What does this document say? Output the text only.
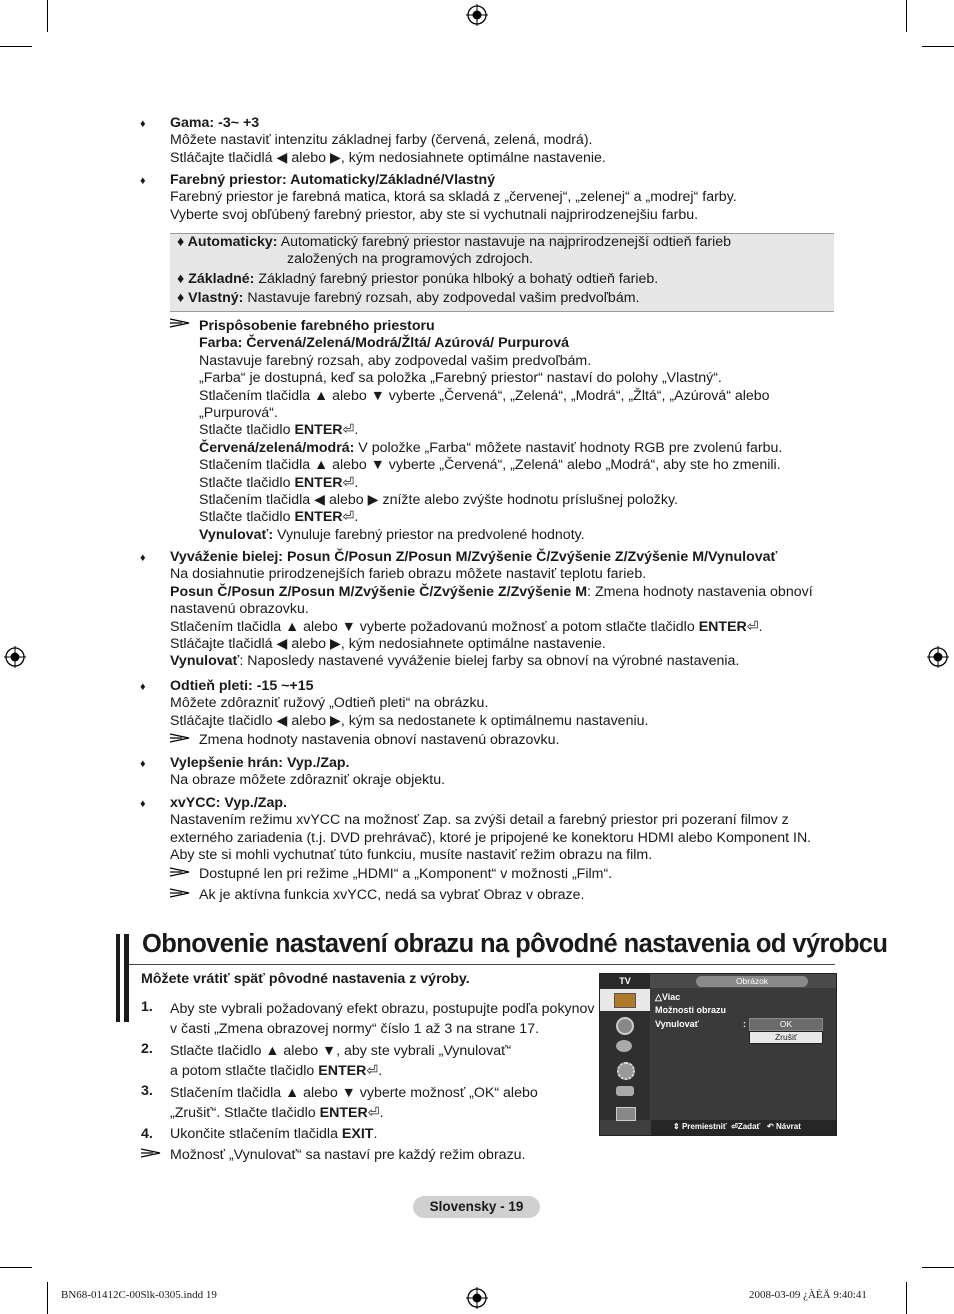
♦ Gama: -3~ +3
Môžete nastaviť intenzitu základnej farby (červená, zelená, modrá).
Stláčajte tlačidlá ◀ alebo ▶, kým nedosiahnete optimálne nastavenie.
♦ Farebný priestor: Automaticky/Základné/Vlastný
Farebný priestor je farebná matica, ktorá sa skladá z „červenej“, „zelenej“ a „modrej“ farby.
Vyberte svoj obľúbený farebný priestor, aby ste si vychutnali najprirodzenejšiu farbu.
♦ Automaticky: Automatický farebný priestor nastavuje na najprirodzenejší odtieň farieb
založených na programových zdrojoch.
♦ Základné: Základný farebný priestor ponúka hlboký a bohatý odtieň farieb.
♦ Vlastný: Nastavuje farebný rozsah, aby zodpovedal vašim predvoľbám.
Prispôsobenie farebného priestoru
Farba: Červená/Zelená/Modrá/Žltá/ Azúrová/ Purpurová
Nastavuje farebný rozsah, aby zodpovedal vašim predvoľbám.
„Farba“ je dostupná, keď sa položka „Farebný priestor“ nastaví do polohy „Vlastný“.
Stlačením tlačidla ▲ alebo ▼ vyberte „Červená“, „Zelená“, „Modrá“, „Žltá“, „Azúrová“ alebo
„Purpurová“.
Stlačte tlačidlo ENTER⏎.
Červená/zelená/modrá: V položke „Farba“ môžete nastaviť hodnoty RGB pre zvolenú farbu.
Stlačením tlačidla ▲ alebo ▼ vyberte „Červená“, „Zelená“ alebo „Modrá“, aby ste ho zmenili.
Stlačte tlačidlo ENTER⏎.
Stlačením tlačidla ◀ alebo ▶ znížte alebo zvýšte hodnotu príslušnej položky.
Stlačte tlačidlo ENTER⏎.
Vynulovať: Vynuluje farebný priestor na predvolené hodnoty.
♦ Vyváženie bielej: Posun Č/Posun Z/Posun M/Zvýšenie Č/Zvýšenie Z/Zvýšenie M/Vynulovať
Na dosiahnutie prirodzenejších farieb obrazu môžete nastaviť teplotu farieb.
Posun Č/Posun Z/Posun M/Zvýšenie Č/Zvýšenie Z/Zvýšenie M: Zmena hodnoty nastavenia obnoví
nastavenú obrazovku.
Stlačením tlačidla ▲ alebo ▼ vyberte požadovanú možnosť a potom stlačte tlačidlo ENTER⏎.
Stláčajte tlačidlá ◀ alebo ▶, kým nedosiahnete optimálne nastavenie.
Vynulovať: Naposledy nastavené vyváženie bielej farby sa obnoví na výrobné nastavenia.
♦ Odtieň pleti: -15 ~+15
Môžete zdôrazniť ružový „Odtieň pleti“ na obrázku.
Stláčajte tlačidlo ◀ alebo ▶, kým sa nedostanete k optimálnemu nastaveniu.
Zmena hodnoty nastavenia obnoví nastavenú obrazovku.
♦ Vylepšenie hrán: Vyp./Zap.
Na obraze môžete zdôrazniť okraje objektu.
♦ xvYCC: Vyp./Zap.
Nastavením režimu xvYCC na možnosť Zap. sa zvýši detail a farebný priestor pri pozeraní filmov z
externého zariadenia (t.j. DVD prehrávač), ktoré je pripojené ke konektoru HDMI alebo Komponent IN.
Aby ste si mohli vychutnať túto funkciu, musíte nastaviť režim obrazu na film.
Dostupné len pri režime „HDMI“ a „Komponent“ v možnosti „Film“.
Ak je aktívna funkcia xvYCC, nedá sa vybrať Obraz v obraze.
Obnovenie nastavení obrazu na pôvodné nastavenia od výrobcu
Môžete vrátiť späť pôvodné nastavenia z výroby.
1. Aby ste vybrali požadovaný efekt obrazu, postupujte podľa pokynov
v časti „Zmena obrazovej normy“ číslo 1 až 3 na strane 17.
2. Stlačte tlačidlo ▲ alebo ▼, aby ste vybrali „Vynulovať“
a potom stlačte tlačidlo ENTER⏎.
3. Stlačením tlačidla ▲ alebo ▼ vyberte možnosť „OK“ alebo
„Zrušiť“. Stlačte tlačidlo ENTER⏎.
4. Ukončite stlačením tlačidla EXIT.
Možnosť „Vynulovať“ sa nastaví pre každý režim obrazu.
TV	Obrázok
△Viac
Možnosti obrazu
Vynulovať	:	OK
Zrušiť
⇕ Premiestniť ⏎Zadať ↶ Návrat
Slovensky - 19
BN68-01412C-00Slk-0305.indd 19	2008-03-09 ¿ÀÈÄ 9:40:41
